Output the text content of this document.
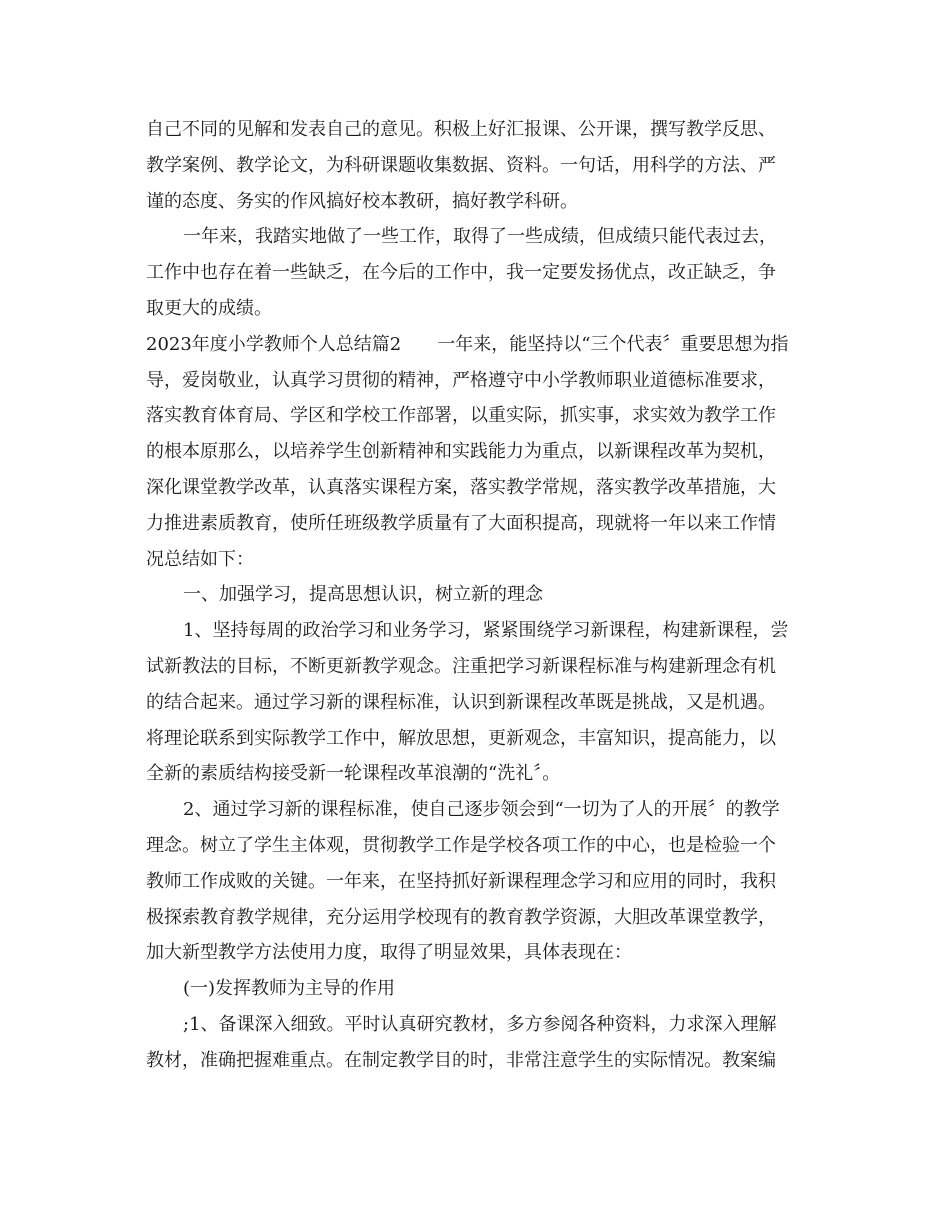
自己不同的见解和发表自己的意见。积极上好汇报课、公开课，撰写教学反思、
教学案例、教学论文，为科研课题收集数据、资料。一句话，用科学的方法、严
谨的态度、务实的作风搞好校本教研，搞好教学科研。
一年来，我踏实地做了一些工作，取得了一些成绩，但成绩只能代表过去，
工作中也存在着一些缺乏，在今后的工作中，我一定要发扬优点，改正缺乏，争
取更大的成绩。
2023年度小学教师个人总结篇2 一年来，能坚持以“三个代表〞重要思想为指
导，爱岗敬业，认真学习贯彻的精神，严格遵守中小学教师职业道德标准要求，
落实教育体育局、学区和学校工作部署，以重实际，抓实事，求实效为教学工作
的根本原那么，以培养学生创新精神和实践能力为重点，以新课程改革为契机，
深化课堂教学改革，认真落实课程方案，落实教学常规，落实教学改革措施，大
力推进素质教育，使所任班级教学质量有了大面积提高，现就将一年以来工作情
况总结如下：
一、加强学习，提高思想认识，树立新的理念
1、坚持每周的政治学习和业务学习，紧紧围绕学习新课程，构建新课程，尝
试新教法的目标，不断更新教学观念。注重把学习新课程标准与构建新理念有机
的结合起来。通过学习新的课程标准，认识到新课程改革既是挑战，又是机遇。
将理论联系到实际教学工作中，解放思想，更新观念，丰富知识，提高能力，以
全新的素质结构接受新一轮课程改革浪潮的“洗礼〞。
2、通过学习新的课程标准，使自己逐步领会到“一切为了人的开展〞的教学
理念。树立了学生主体观，贯彻教学工作是学校各项工作的中心，也是检验一个
教师工作成败的关键。一年来，在坚持抓好新课程理念学习和应用的同时，我积
极探索教育教学规律，充分运用学校现有的教育教学资源，大胆改革课堂教学，
加大新型教学方法使用力度，取得了明显效果，具体表现在：
(一)发挥教师为主导的作用
;1、备课深入细致。平时认真研究教材，多方参阅各种资料，力求深入理解
教材，准确把握难重点。在制定教学目的时，非常注意学生的实际情况。教案编
